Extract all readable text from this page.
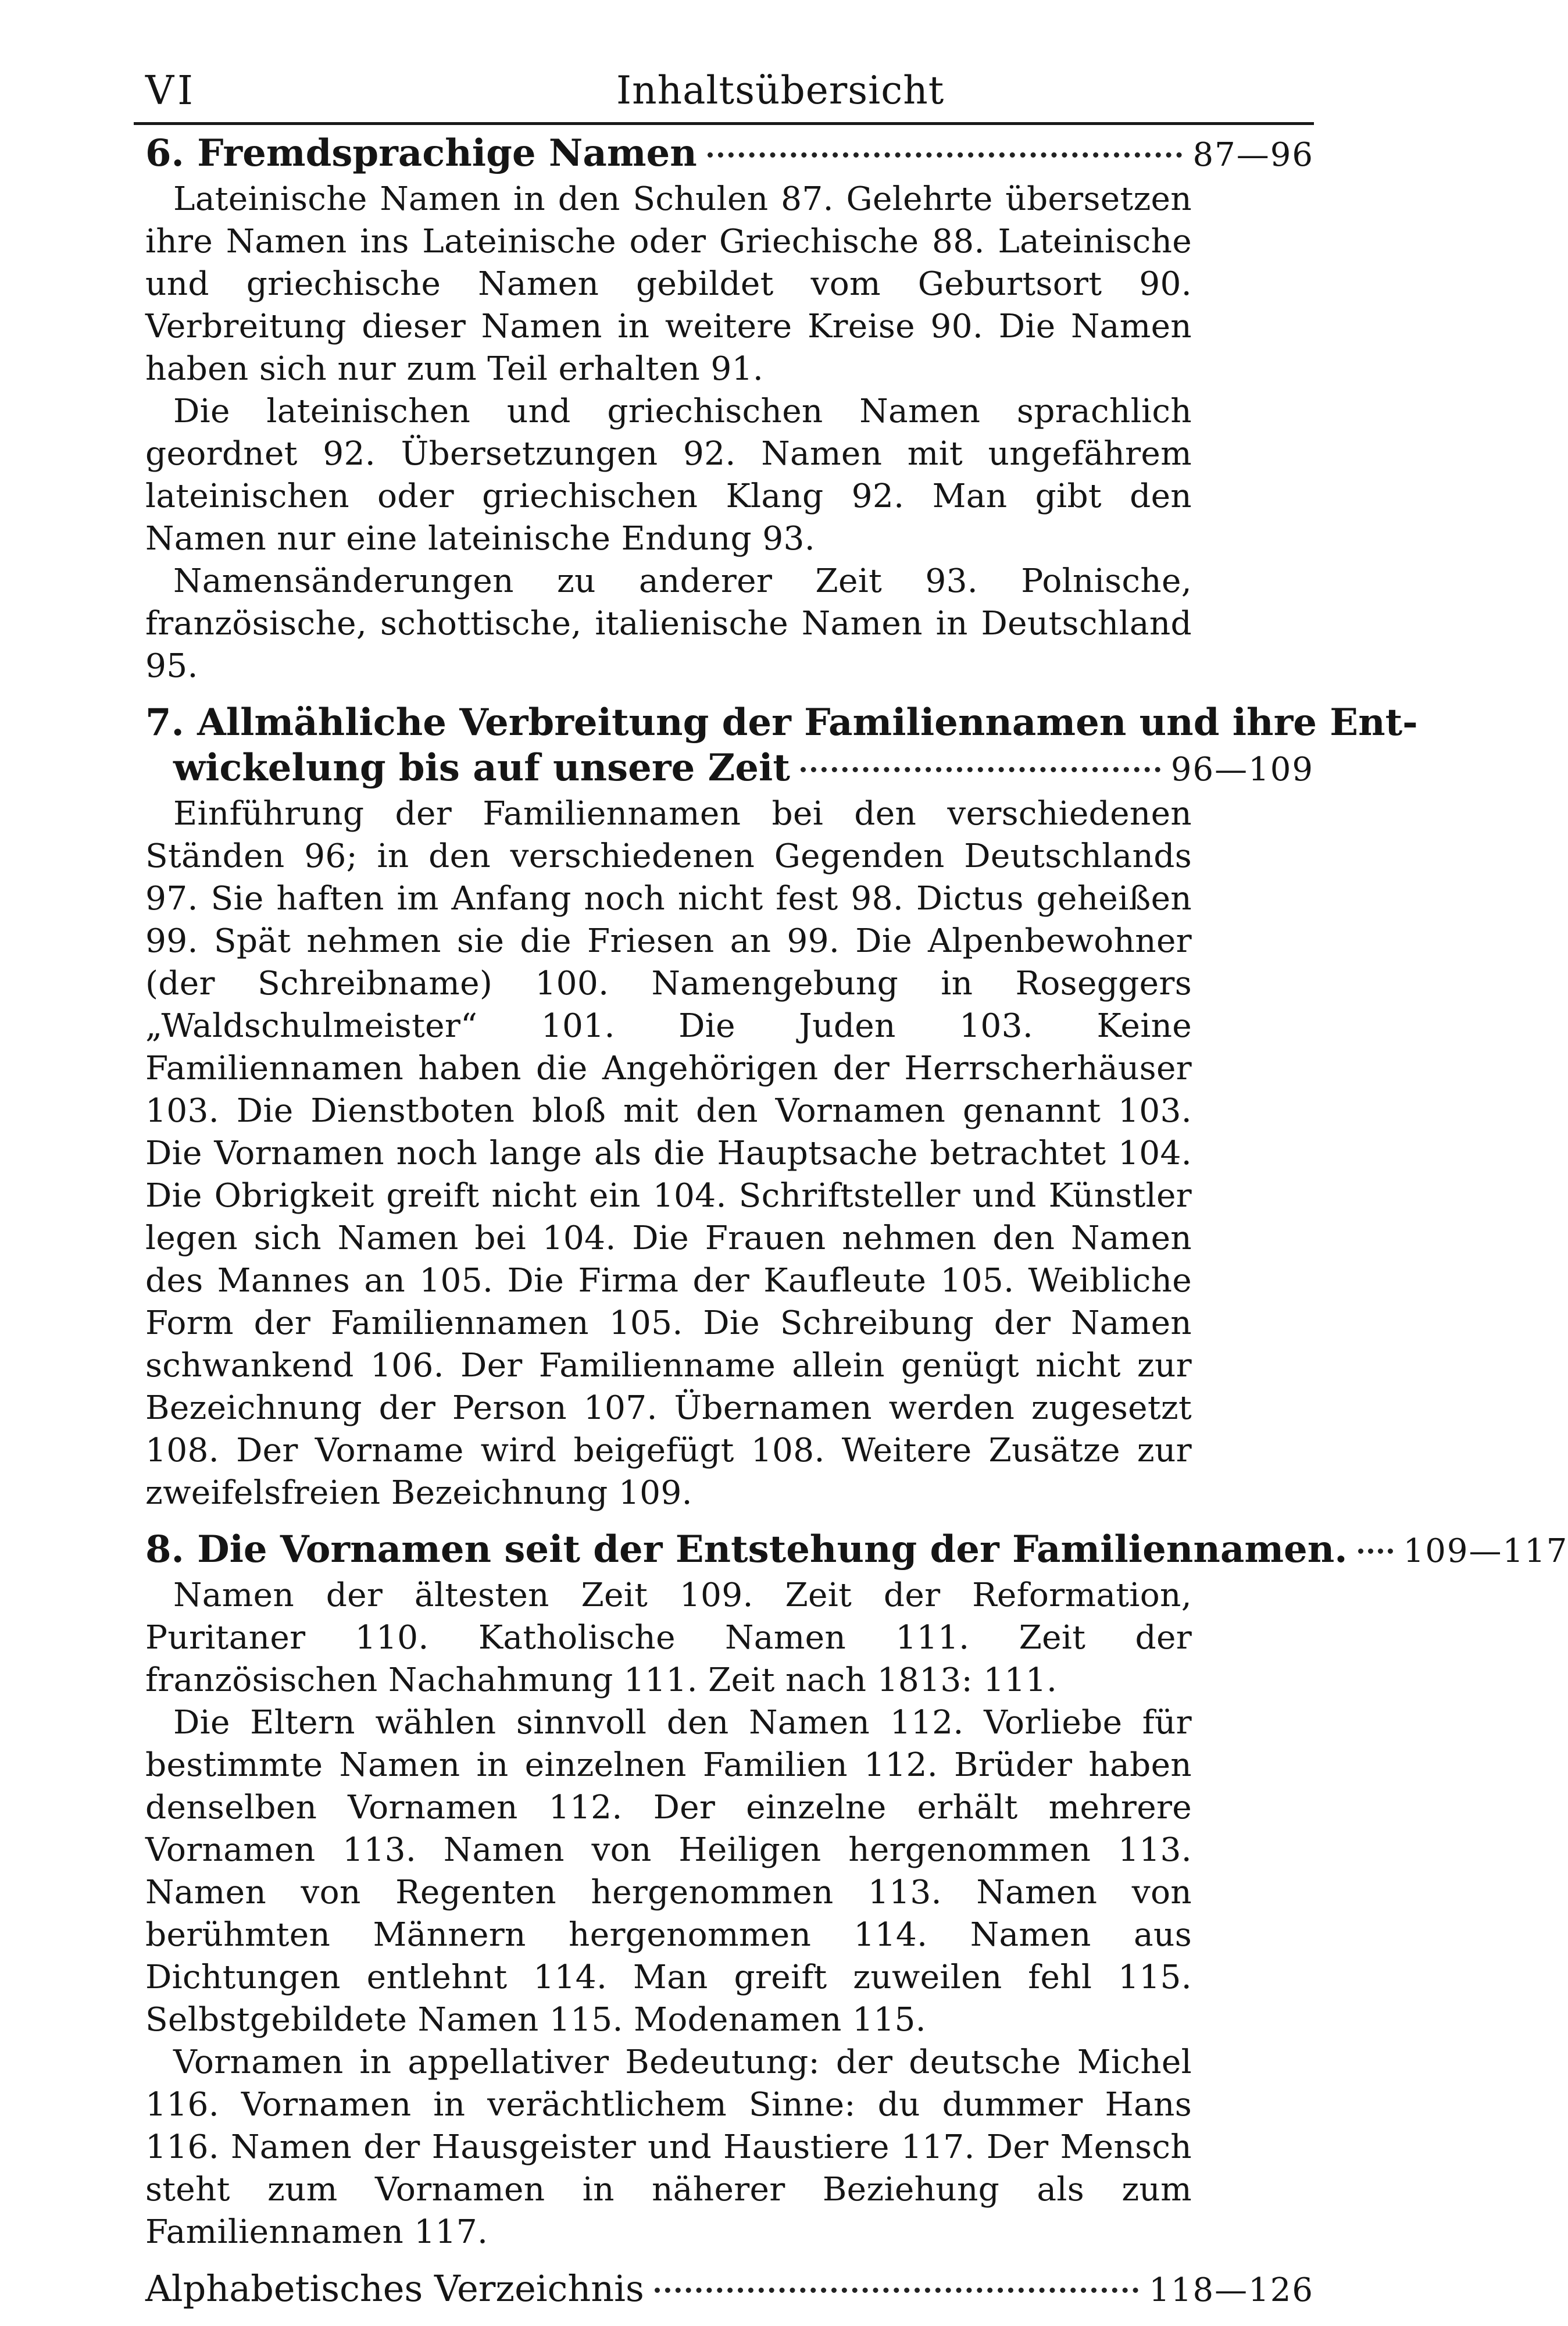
VI	Inhaltsübersicht
6. Fremdsprachige Namen	87—96

Lateinische Namen in den Schulen 87. Gelehrte übersetzen ihre Namen ins Lateinische oder Griechische 88. Lateinische und griechische Namen gebildet vom Geburtsort 90. Verbreitung dieser Namen in weitere Kreise 90. Die Namen haben sich nur zum Teil erhalten 91.

Die lateinischen und griechischen Namen sprachlich geordnet 92. Übersetzungen 92. Namen mit ungefährem lateinischen oder griechischen Klang 92. Man gibt den Namen nur eine lateinische Endung 93.

Namensänderungen zu anderer Zeit 93. Polnische, französische, schottische, italienische Namen in Deutschland 95.

7. Allmähliche Verbreitung der Familiennamen und ihre Ent-
wickelung bis auf unsere Zeit	96—109

Einführung der Familiennamen bei den verschiedenen Ständen 96; in den verschiedenen Gegenden Deutschlands 97. Sie haften im Anfang noch nicht fest 98. Dictus geheißen 99. Spät nehmen sie die Friesen an 99. Die Alpenbewohner (der Schreibname) 100. Namengebung in Roseggers „Waldschulmeister“ 101. Die Juden 103. Keine Familiennamen haben die Angehörigen der Herrscherhäuser 103. Die Dienstboten bloß mit den Vornamen genannt 103. Die Vornamen noch lange als die Hauptsache betrachtet 104. Die Obrigkeit greift nicht ein 104. Schriftsteller und Künstler legen sich Namen bei 104. Die Frauen nehmen den Namen des Mannes an 105. Die Firma der Kaufleute 105. Weibliche Form der Familiennamen 105. Die Schreibung der Namen schwankend 106. Der Familienname allein genügt nicht zur Bezeichnung der Person 107. Übernamen werden zugesetzt 108. Der Vorname wird beigefügt 108. Weitere Zusätze zur zweifelsfreien Bezeichnung 109.

8. Die Vornamen seit der Entstehung der Familiennamen. 109—117

Namen der ältesten Zeit 109. Zeit der Reformation, Puritaner 110. Katholische Namen 111. Zeit der französischen Nachahmung 111. Zeit nach 1813: 111.

Die Eltern wählen sinnvoll den Namen 112. Vorliebe für bestimmte Namen in einzelnen Familien 112. Brüder haben denselben Vornamen 112. Der einzelne erhält mehrere Vornamen 113. Namen von Heiligen hergenommen 113. Namen von Regenten hergenommen 113. Namen von berühmten Männern hergenommen 114. Namen aus Dichtungen entlehnt 114. Man greift zuweilen fehl 115. Selbstgebildete Namen 115. Modenamen 115.

Vornamen in appellativer Bedeutung: der deutsche Michel 116. Vornamen in verächtlichem Sinne: du dummer Hans 116. Namen der Hausgeister und Haustiere 117. Der Mensch steht zum Vornamen in näherer Beziehung als zum Familiennamen 117.

Alphabetisches Verzeichnis	118—126
